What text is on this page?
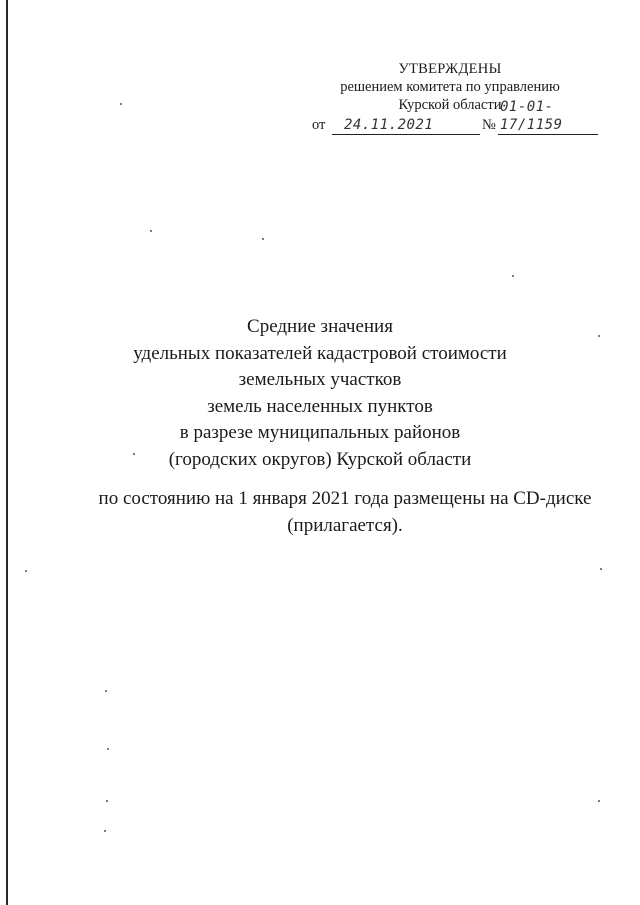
УТВЕРЖДЕНЫ
решением комитета по управлению
Курской области
от 24.11.2021	№
01-01-17/1159
Средние значения
удельных показателей кадастровой стоимости
земельных участков
земель населенных пунктов
в разрезе муниципальных районов
(городских округов) Курской области
по состоянию на 1 января 2021 года размещены на CD-диске (прилагается).
